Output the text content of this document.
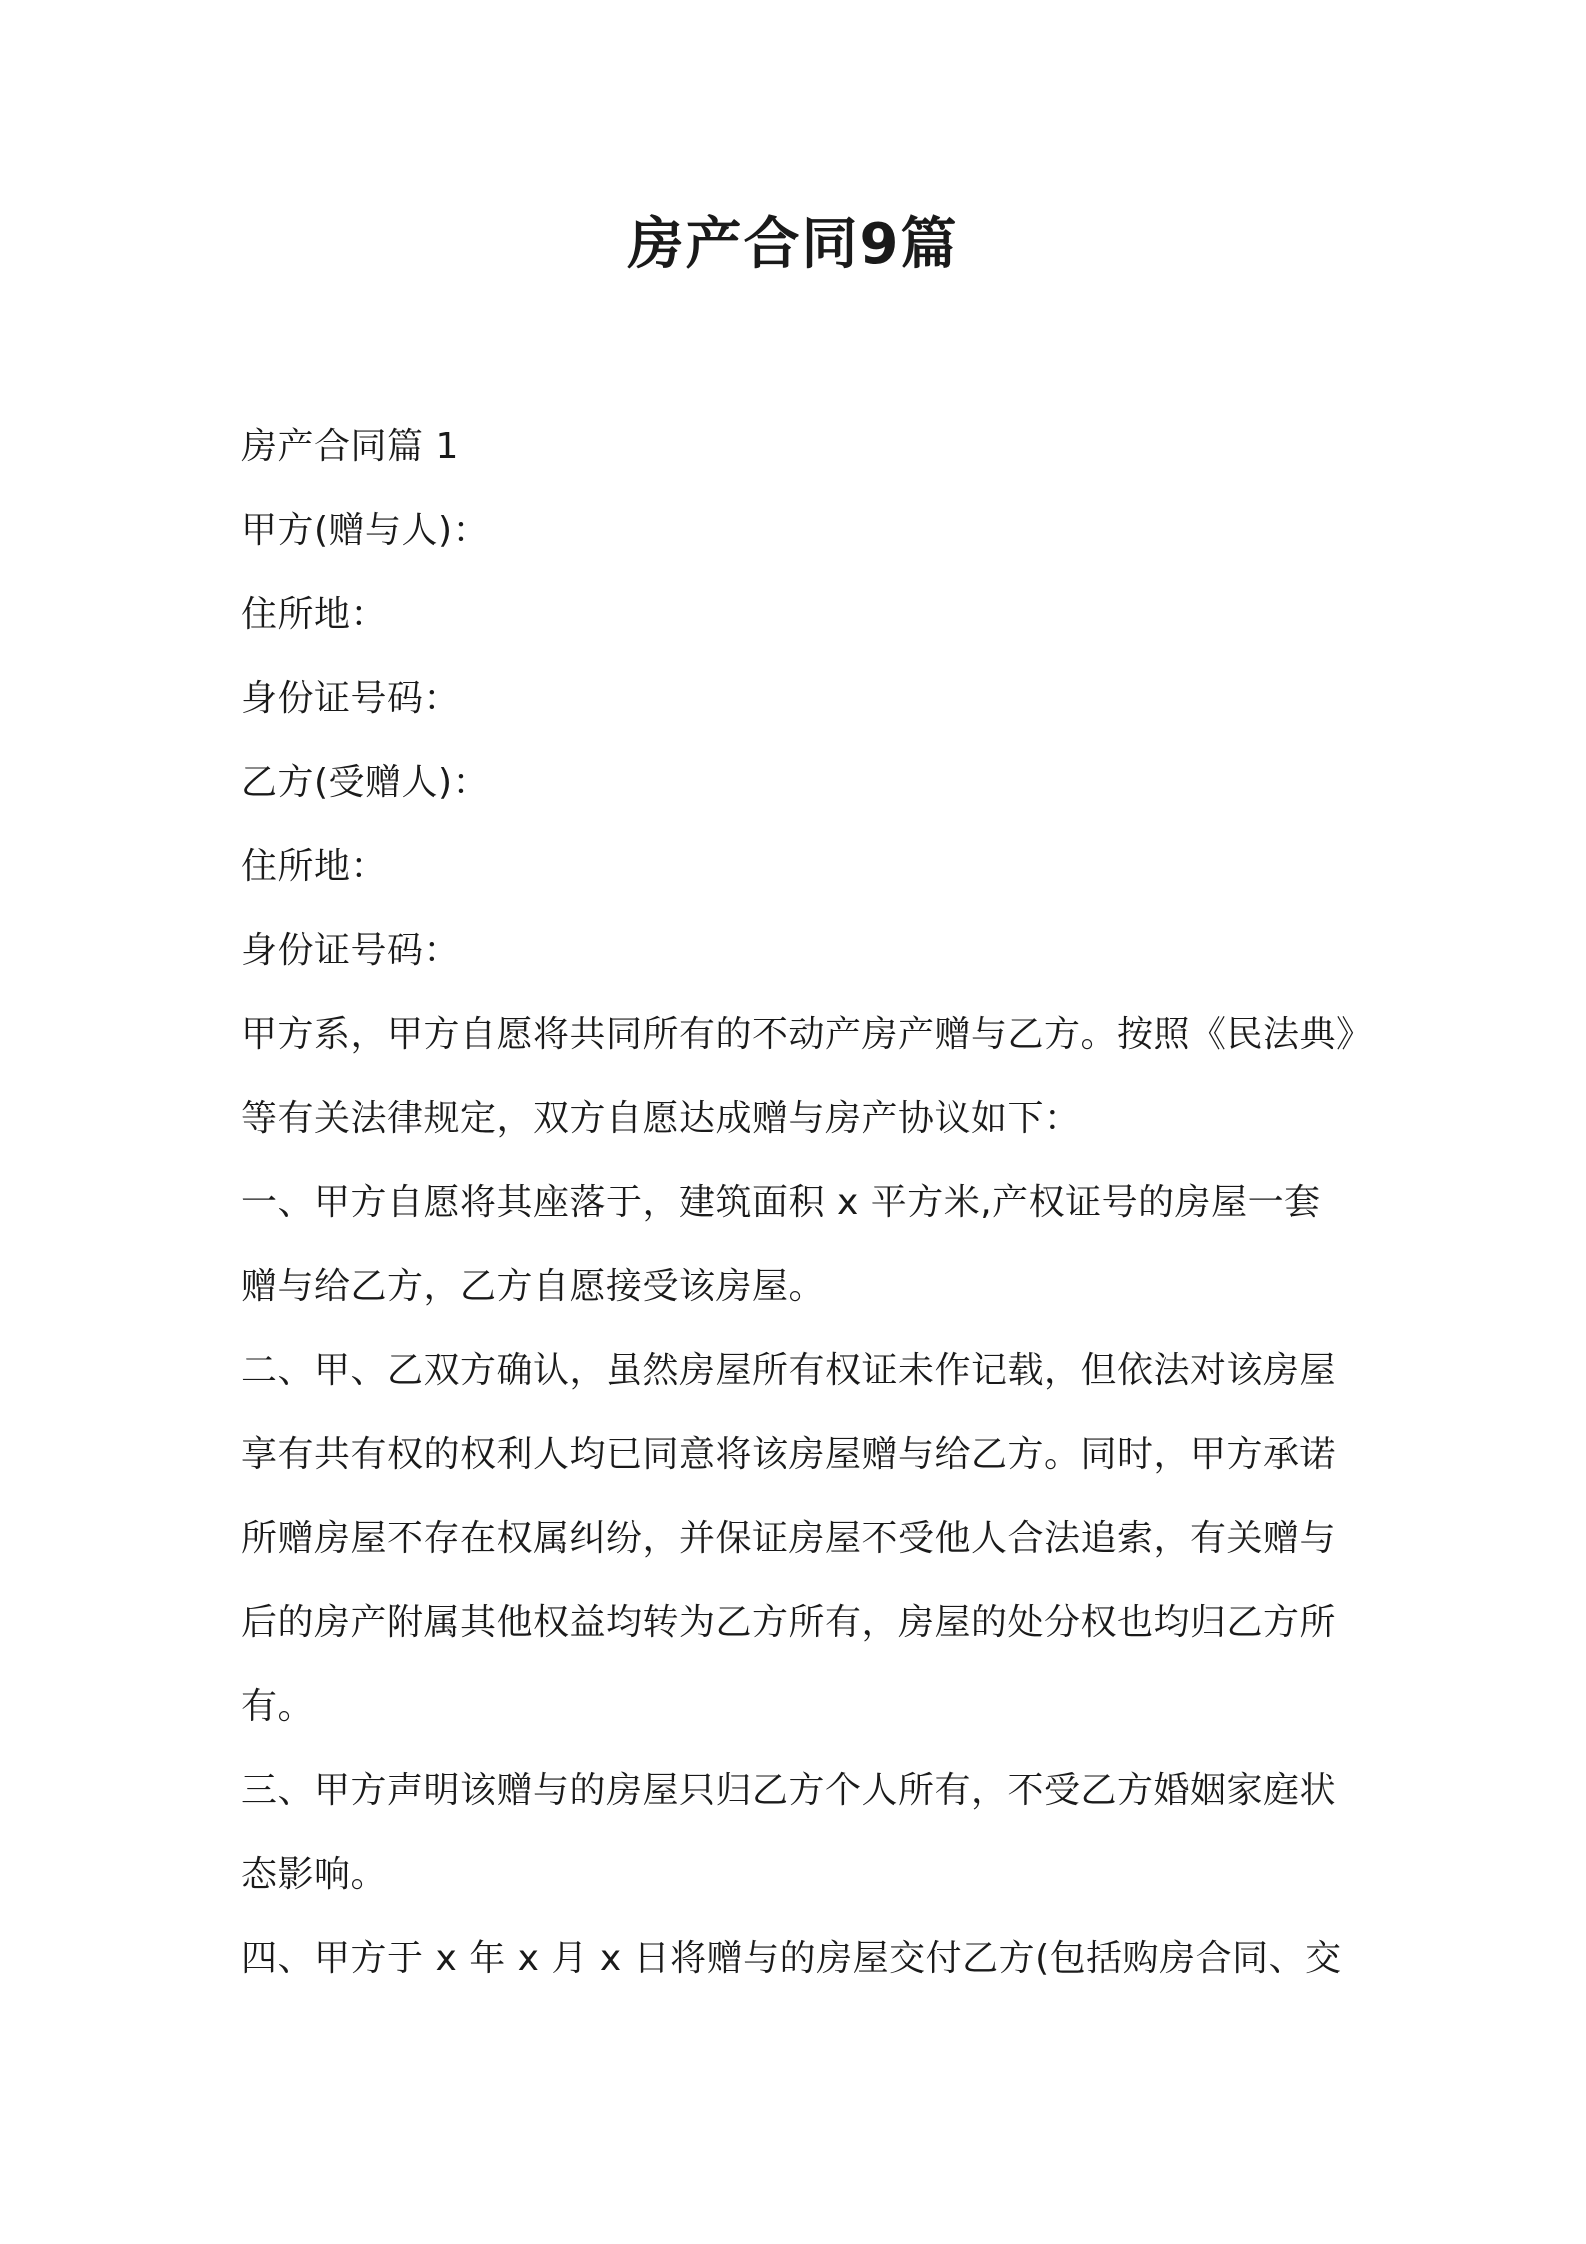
房产合同9篇
房产合同篇 1
甲方(赠与人)：
住所地：
身份证号码：
乙方(受赠人)：
住所地：
身份证号码：
甲方系，甲方自愿将共同所有的不动产房产赠与乙方。按照《民法典》
等有关法律规定，双方自愿达成赠与房产协议如下：
一、甲方自愿将其座落于，建筑面积 x 平方米,产权证号的房屋一套
赠与给乙方，乙方自愿接受该房屋。
二、甲、乙双方确认，虽然房屋所有权证未作记载，但依法对该房屋
享有共有权的权利人均已同意将该房屋赠与给乙方。同时，甲方承诺
所赠房屋不存在权属纠纷，并保证房屋不受他人合法追索，有关赠与
后的房产附属其他权益均转为乙方所有，房屋的处分权也均归乙方所
有。
三、甲方声明该赠与的房屋只归乙方个人所有，不受乙方婚姻家庭状
态影响。
四、甲方于 x 年 x 月 x 日将赠与的房屋交付乙方(包括购房合同、交
